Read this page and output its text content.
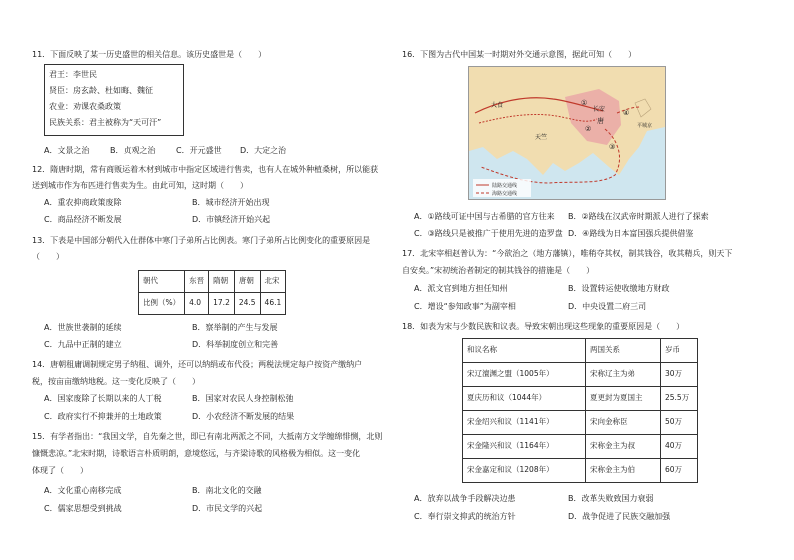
11．下面反映了某一历史盛世的相关信息。该历史盛世是（　　）
君王：李世民
贤臣：房玄龄、杜如晦、魏征
农业：劝课农桑政策
民族关系：君主被称为“天可汗”
A．文景之治	B．贞观之治	C．开元盛世 D．大定之治
12．隋唐时期，常有商贩运着木材到城市中指定区域进行售卖，也有人在城外种植桑树，所以能获
送到城市作为布匹进行售卖为生。由此可知，这时期（　　）
A．重农抑商政策废除	B．城市经济开始出现
C．商品经济不断发展	D．市镇经济开始兴起
13．下表是中国部分朝代入仕群体中寒门子弟所占比例表。寒门子弟所占比例变化的重要原因是
（　　）
朝代	东晋	隋朝	唐朝	北宋
比例（%）	4.0	17.2	24.5	46.1
A．世族世袭制的延续	B．察举制的产生与发展
C．九品中正制的建立	D．科举制度创立和完善
14．唐朝租庸调制规定男子纳租、调外，还可以纳绢或布代役；两税法规定每户按资产缴纳户
税，按亩亩缴纳地税。这一变化反映了（　　）
A．国家废除了长期以来的人丁税	B．国家对农民人身控制松弛
C．政府实行不抑兼并的土地政策	D．小农经济不断发展的结果
15．有学者指出：“我国文学，自先秦之世，即已有南北两派之不同，大抵南方文学缠绵悱恻，北则
慷慨悲凉。”北宋时期，诗歌语言朴质明朗，意境悠远，与齐梁诗歌的风格极为相似。这一变化
体现了（　　）
A．文化重心南移完成	B．南北文化的交融
C．儒家思想受到挑战	D．市民文学的兴起
16．下图为古代中国某一时期对外交通示意图，据此可知（　　）
长安
唐
大食
天竺
平城京
①
②
③
④
陆路交通线
海路交通线
A．①路线可证中国与古希腊的官方往来 B．②路线在汉武帝时期派人进行了探索
C．③路线只是被推广于使用先进的造罗盘 D．④路线为日本富国强兵提供借鉴
17．北宋宰相赵普认为：“今欲治之（地方藩镇），唯稍夺其权，制其钱谷，收其精兵，则天下
自安矣。”宋初统治者制定的制其钱谷的措施是（　　）
A．派文官到地方担任知州	B．设置转运使收缴地方财政
C．增设“参知政事”为副宰相	D．中央设置二府三司
18．如表为宋与少数民族和议表。导致宋朝出现这些现象的重要原因是（　　）
和议名称	两国关系	岁币
宋辽澶渊之盟（1005年）	宋称辽主为弟	30万
夏庆历和议（1044年）	夏更封为夏国主	25.5万
宋金绍兴和议（1141年）	宋向金称臣	50万
宋金隆兴和议（1164年）	宋称金主为叔	40万
宋金嘉定和议（1208年）	宋称金主为伯	60万
A．放弃以战争手段解决边患	B．改革失败致国力衰弱
C．奉行崇文抑武的统治方针	D．战争促进了民族交融加强
